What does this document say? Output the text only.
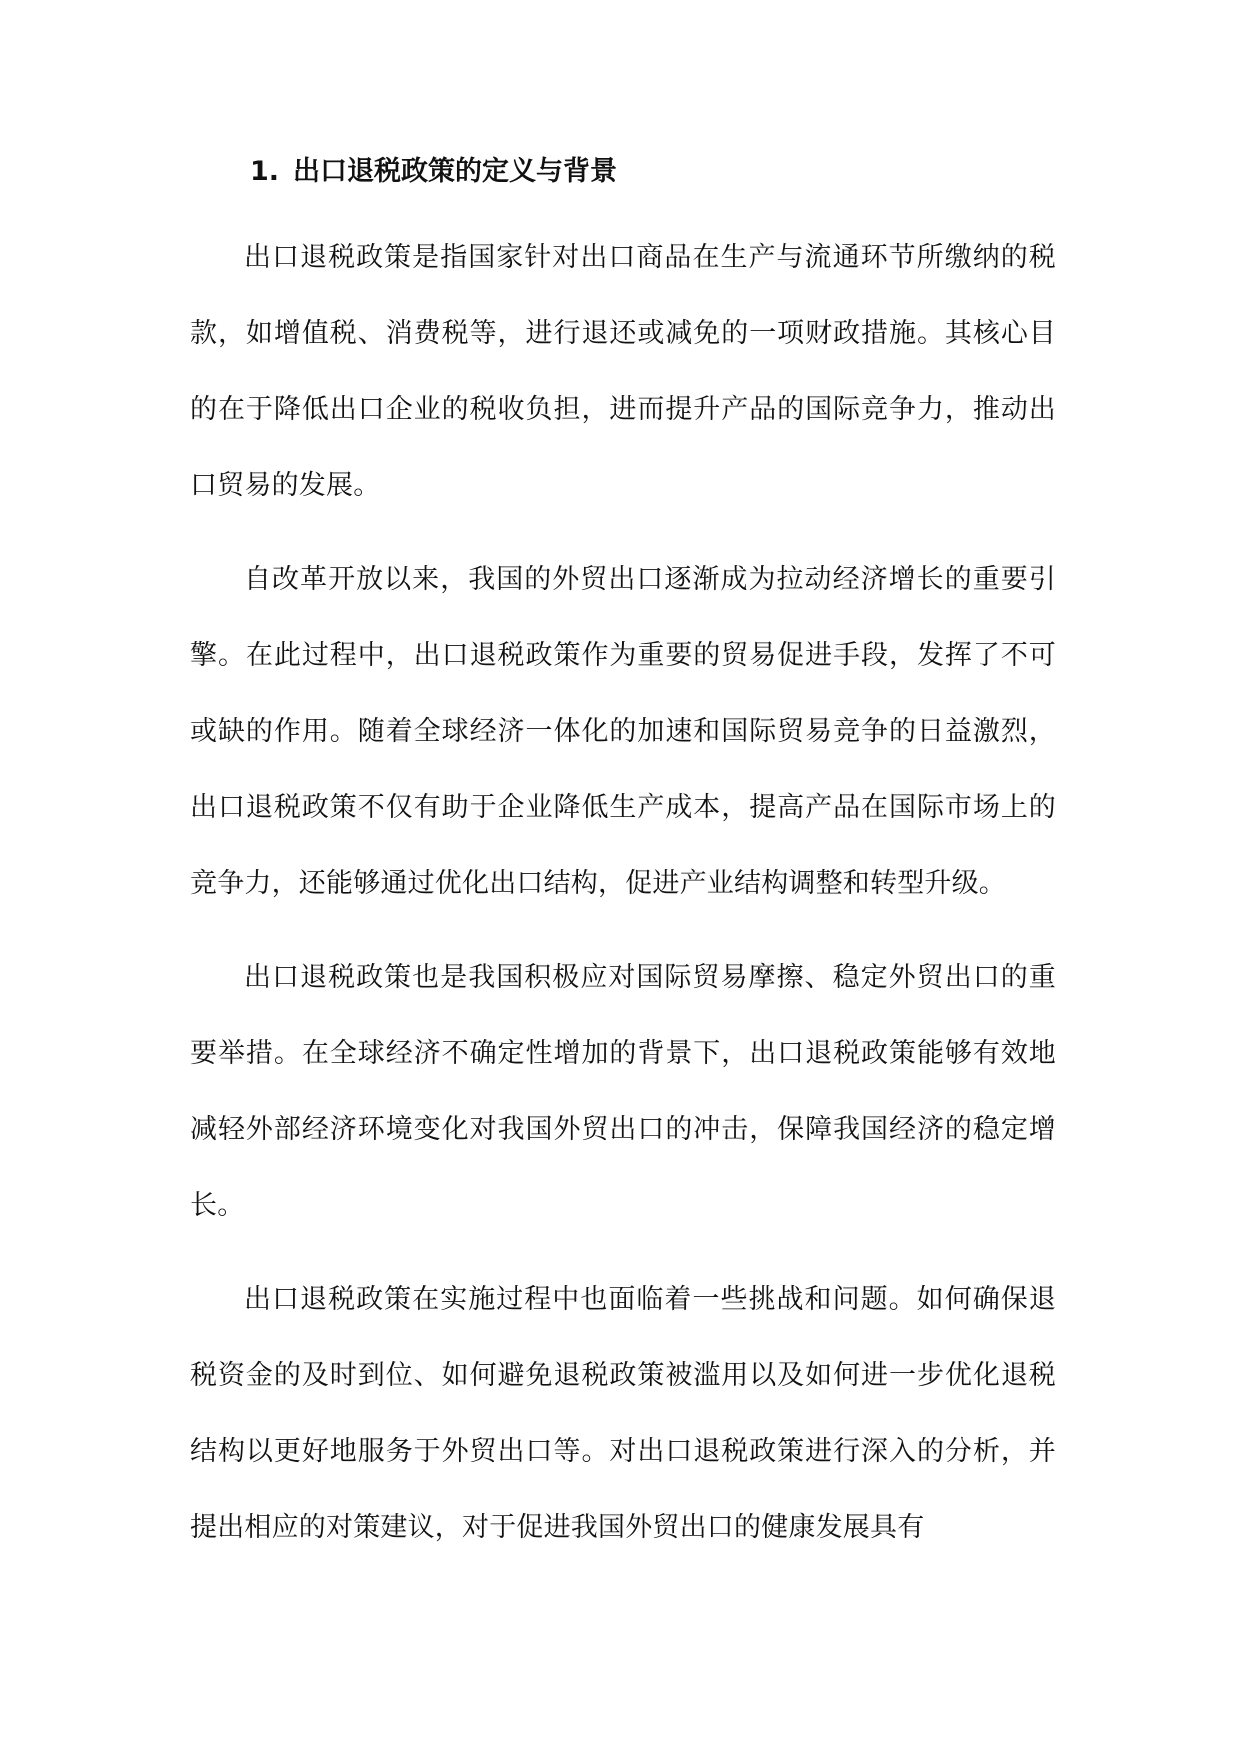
1. 出口退税政策的定义与背景

出口退税政策是指国家针对出口商品在生产与流通环节所缴纳的税款，如增值税、消费税等，进行退还或减免的一项财政措施。其核心目的在于降低出口企业的税收负担，进而提升产品的国际竞争力，推动出口贸易的发展。

自改革开放以来，我国的外贸出口逐渐成为拉动经济增长的重要引擎。在此过程中，出口退税政策作为重要的贸易促进手段，发挥了不可或缺的作用。随着全球经济一体化的加速和国际贸易竞争的日益激烈，出口退税政策不仅有助于企业降低生产成本，提高产品在国际市场上的竞争力，还能够通过优化出口结构，促进产业结构调整和转型升级。

出口退税政策也是我国积极应对国际贸易摩擦、稳定外贸出口的重要举措。在全球经济不确定性增加的背景下，出口退税政策能够有效地减轻外部经济环境变化对我国外贸出口的冲击，保障我国经济的稳定增长。

出口退税政策在实施过程中也面临着一些挑战和问题。如何确保退税资金的及时到位、如何避免退税政策被滥用以及如何进一步优化退税结构以更好地服务于外贸出口等。对出口退税政策进行深入的分析，并提出相应的对策建议，对于促进我国外贸出口的健康发展具有
